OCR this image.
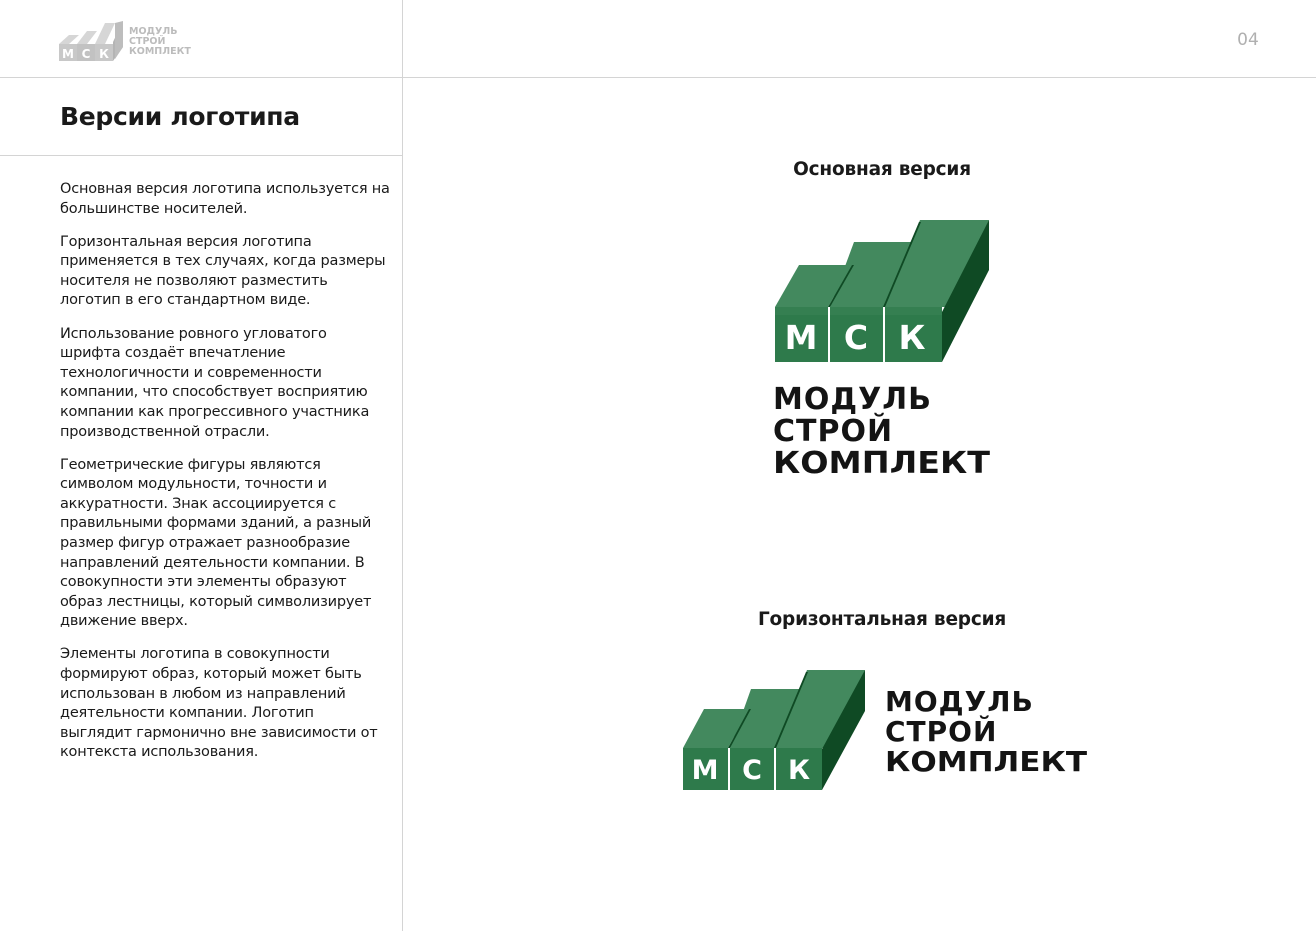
М С К
МОДУЛЬ
СТРОЙ
КОМПЛЕКТ
04
Версии логотипа

Основная версия логотипа используется на большинстве носителей.

Горизонтальная версия логотипа применяется в тех случаях, когда размеры носителя не позволяют разместить логотип в его стандартном виде.

Использование ровного угловатого шрифта создаёт впечатление технологичности и современности компании, что способствует восприятию компании как прогрессивного участника производственной отрасли.

Геометрические фигуры являются символом модульности, точности и аккуратности. Знак ассоциируется с правильными формами зданий, а разный размер фигур отражает разнообразие направлений деятельности компании. В совокупности эти элементы образуют образ лестницы, который символизирует движение вверх.

Элементы логотипа в совокупности формируют образ, который может быть использован в любом из направлений деятельности компании. Логотип выглядит гармонично вне зависимости от контекста использования.

Основная версия
М С К
МОДУЛЬ
СТРОЙ
КОМПЛЕКТ
Горизонтальная версия
М С К
МОДУЛЬ
СТРОЙ
КОМПЛЕКТ
